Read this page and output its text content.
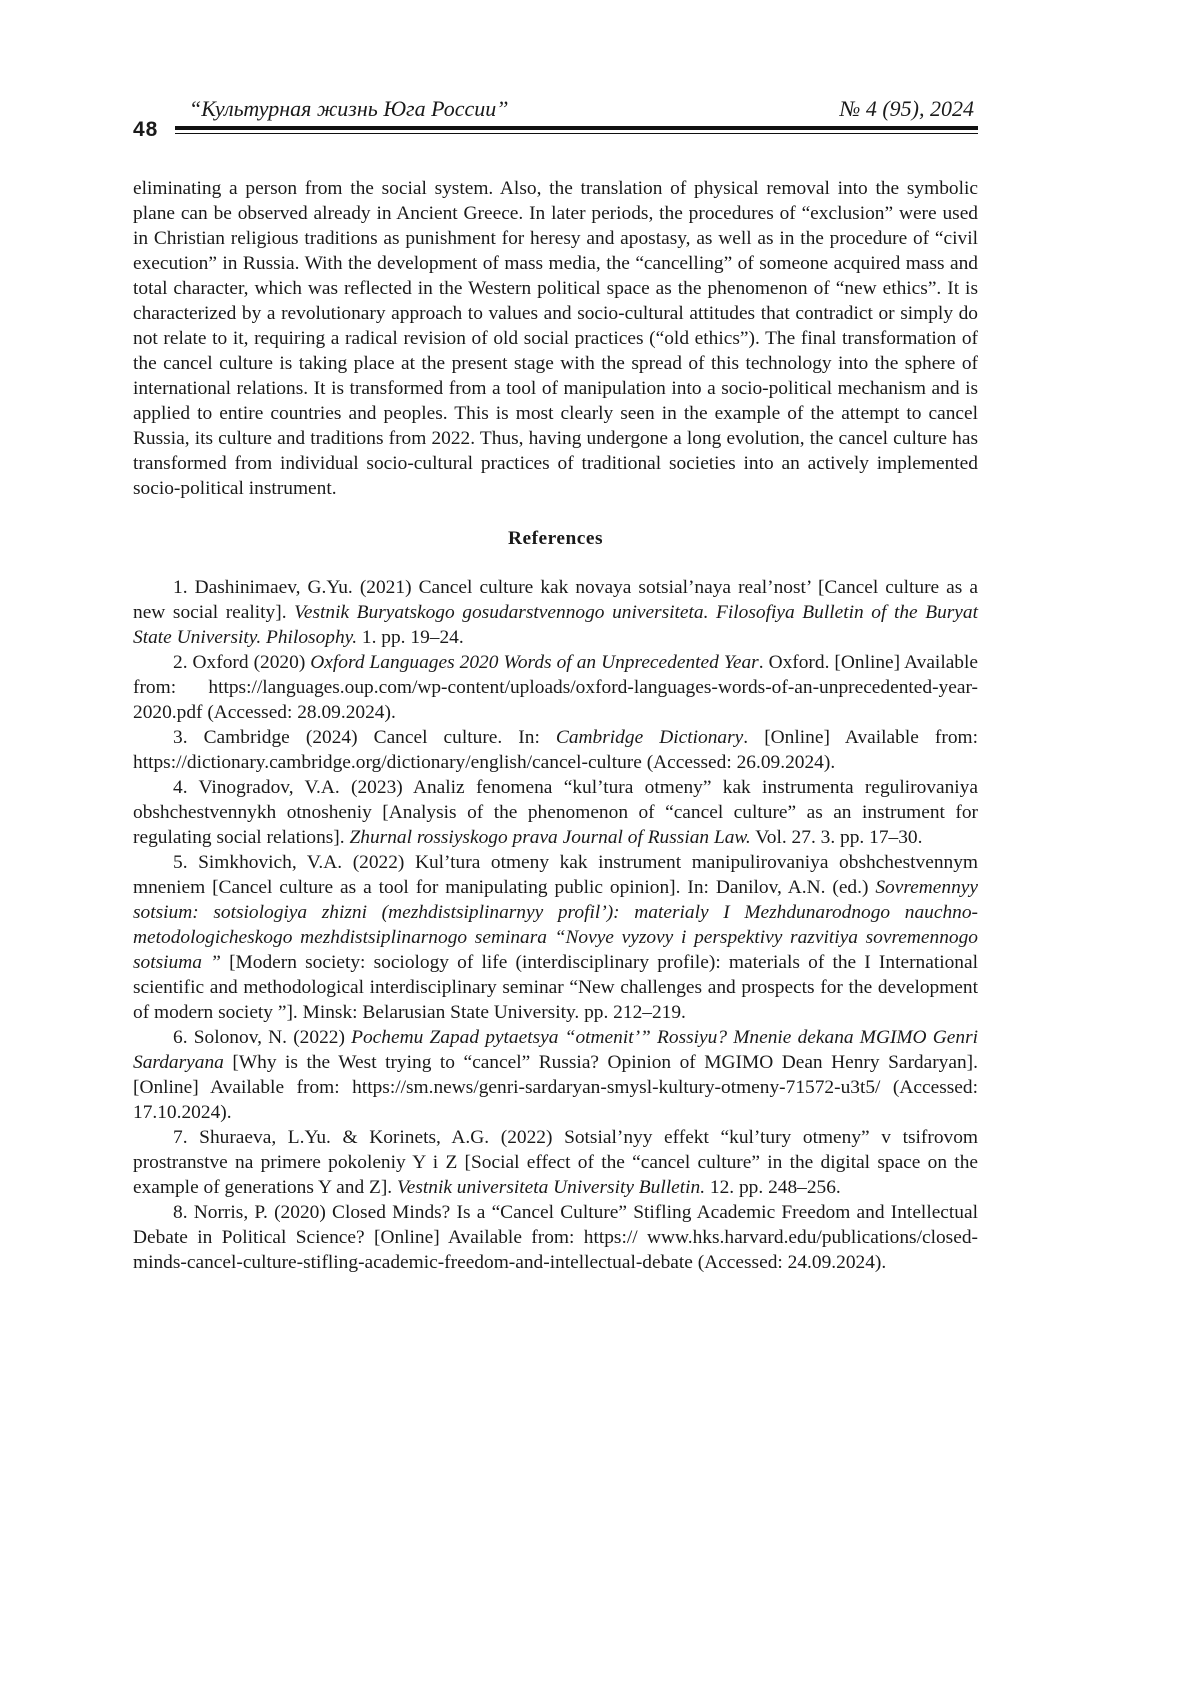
48
“Культурная жизнь Юга России”	№ 4 (95), 2024

eliminating a person from the social system. Also, the translation of physical removal into the symbolic plane can be observed already in Ancient Greece. In later periods, the procedures of “exclusion” were used in Christian religious traditions as punishment for heresy and apostasy, as well as in the procedure of “civil execution” in Russia. With the development of mass media, the “cancelling” of someone acquired mass and total character, which was reflected in the Western political space as the phenomenon of “new ethics”. It is characterized by a revolutionary approach to values and socio-cultural attitudes that contradict or simply do not relate to it, requiring a radical revision of old social practices (“old ethics”). The final transformation of the cancel culture is taking place at the present stage with the spread of this technology into the sphere of international relations. It is transformed from a tool of manipulation into a socio-political mechanism and is applied to entire countries and peoples. This is most clearly seen in the example of the attempt to cancel Russia, its culture and traditions from 2022. Thus, having undergone a long evolution, the cancel culture has transformed from individual socio-cultural practices of traditional societies into an actively implemented socio-political instrument.

References

1. Dashinimaev, G.Yu. (2021) Cancel culture kak novaya sotsial’naya real’nost’ [Cancel culture as a new social reality]. Vestnik Buryatskogo gosudarstvennogo universiteta. Filosofiya Bulletin of the Buryat State University. Philosophy. 1. pp. 19–24.

2. Oxford (2020) Oxford Languages 2020 Words of an Unprecedented Year. Oxford. [Online] Available from: https://languages.oup.com/wp-content/uploads/oxford-languages-words-of-an-unprecedented-year-2020.pdf (Accessed: 28.09.2024).

3. Cambridge (2024) Cancel culture. In: Cambridge Dictionary. [Online] Available from: https://dictionary.cambridge.org/dictionary/english/cancel-culture (Accessed: 26.09.2024).

4. Vinogradov, V.A. (2023) Analiz fenomena “kul’tura otmeny” kak instrumenta regulirovaniya obshchestvennykh otnosheniy [Analysis of the phenomenon of “cancel culture” as an instrument for regulating social relations]. Zhurnal rossiyskogo prava Journal of Russian Law. Vol. 27. 3. pp. 17–30.

5. Simkhovich, V.A. (2022) Kul’tura otmeny kak instrument manipulirovaniya obshchestvennym mneniem [Cancel culture as a tool for manipulating public opinion]. In: Danilov, A.N. (ed.) Sovremennyy sotsium: sotsiologiya zhizni (mezhdistsiplinarnyy profil’): materialy I Mezhdunarodnogo nauchno-metodologicheskogo mezhdistsiplinarnogo seminara “Novye vyzovy i perspektivy razvitiya sovremennogo sotsiuma ” [Modern society: sociology of life (interdisciplinary profile): materials of the I International scientific and methodological interdisciplinary seminar “New challenges and prospects for the development of modern society ”]. Minsk: Belarusian State University. pp. 212–219.

6. Solonov, N. (2022) Pochemu Zapad pytaetsya “otmenit’” Rossiyu? Mnenie dekana MGIMO Genri Sardaryana [Why is the West trying to “cancel” Russia? Opinion of MGIMO Dean Henry Sardaryan]. [Online] Available from: https://sm.news/genri-sardaryan-smysl-kultury-otmeny-71572-u3t5/ (Accessed: 17.10.2024).

7. Shuraeva, L.Yu. & Korinets, A.G. (2022) Sotsial’nyy effekt “kul’tury otmeny” v tsifrovom prostranstve na primere pokoleniy Y i Z [Social effect of the “cancel culture” in the digital space on the example of generations Y and Z]. Vestnik universiteta University Bulletin. 12. pp. 248–256.

8. Norris, P. (2020) Closed Minds? Is a “Cancel Culture” Stifling Academic Freedom and Intellectual Debate in Political Science? [Online] Available from: https:// www.hks.harvard.edu/publications/closed-minds-cancel-culture-stifling-academic-freedom-and-intellectual-debate (Accessed: 24.09.2024).
